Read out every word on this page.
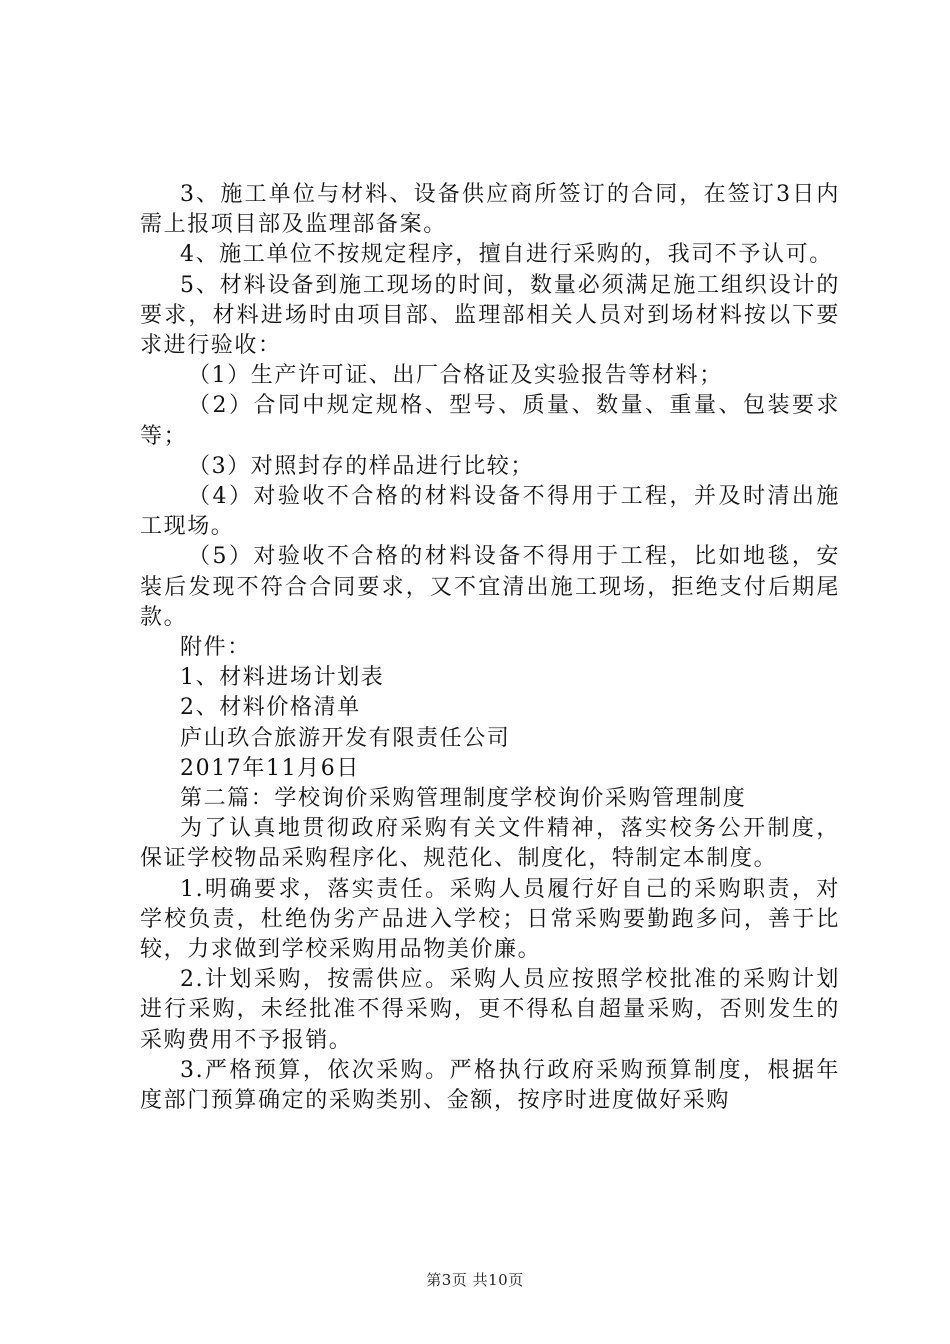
3、施工单位与材料、设备供应商所签订的合同，在签订3日内需上报项目部及监理部备案。

4、施工单位不按规定程序，擅自进行采购的，我司不予认可。

5、材料设备到施工现场的时间，数量必须满足施工组织设计的要求，材料进场时由项目部、监理部相关人员对到场材料按以下要求进行验收：

（1）生产许可证、出厂合格证及实验报告等材料；

（2）合同中规定规格、型号、质量、数量、重量、包装要求等；

（3）对照封存的样品进行比较；

（4）对验收不合格的材料设备不得用于工程，并及时清出施工现场。

（5）对验收不合格的材料设备不得用于工程，比如地毯，安装后发现不符合合同要求，又不宜清出施工现场，拒绝支付后期尾款。

附件：

1、材料进场计划表

2、材料价格清单

庐山玖合旅游开发有限责任公司

2017年11月6日

第二篇：学校询价采购管理制度学校询价采购管理制度

为了认真地贯彻政府采购有关文件精神，落实校务公开制度，保证学校物品采购程序化、规范化、制度化，特制定本制度。

1.明确要求，落实责任。采购人员履行好自己的采购职责，对学校负责，杜绝伪劣产品进入学校；日常采购要勤跑多问，善于比较，力求做到学校采购用品物美价廉。

2.计划采购，按需供应。采购人员应按照学校批准的采购计划进行采购，未经批准不得采购，更不得私自超量采购，否则发生的采购费用不予报销。

3.严格预算，依次采购。严格执行政府采购预算制度，根据年度部门预算确定的采购类别、金额，按序时进度做好采购

第3页 共10页
